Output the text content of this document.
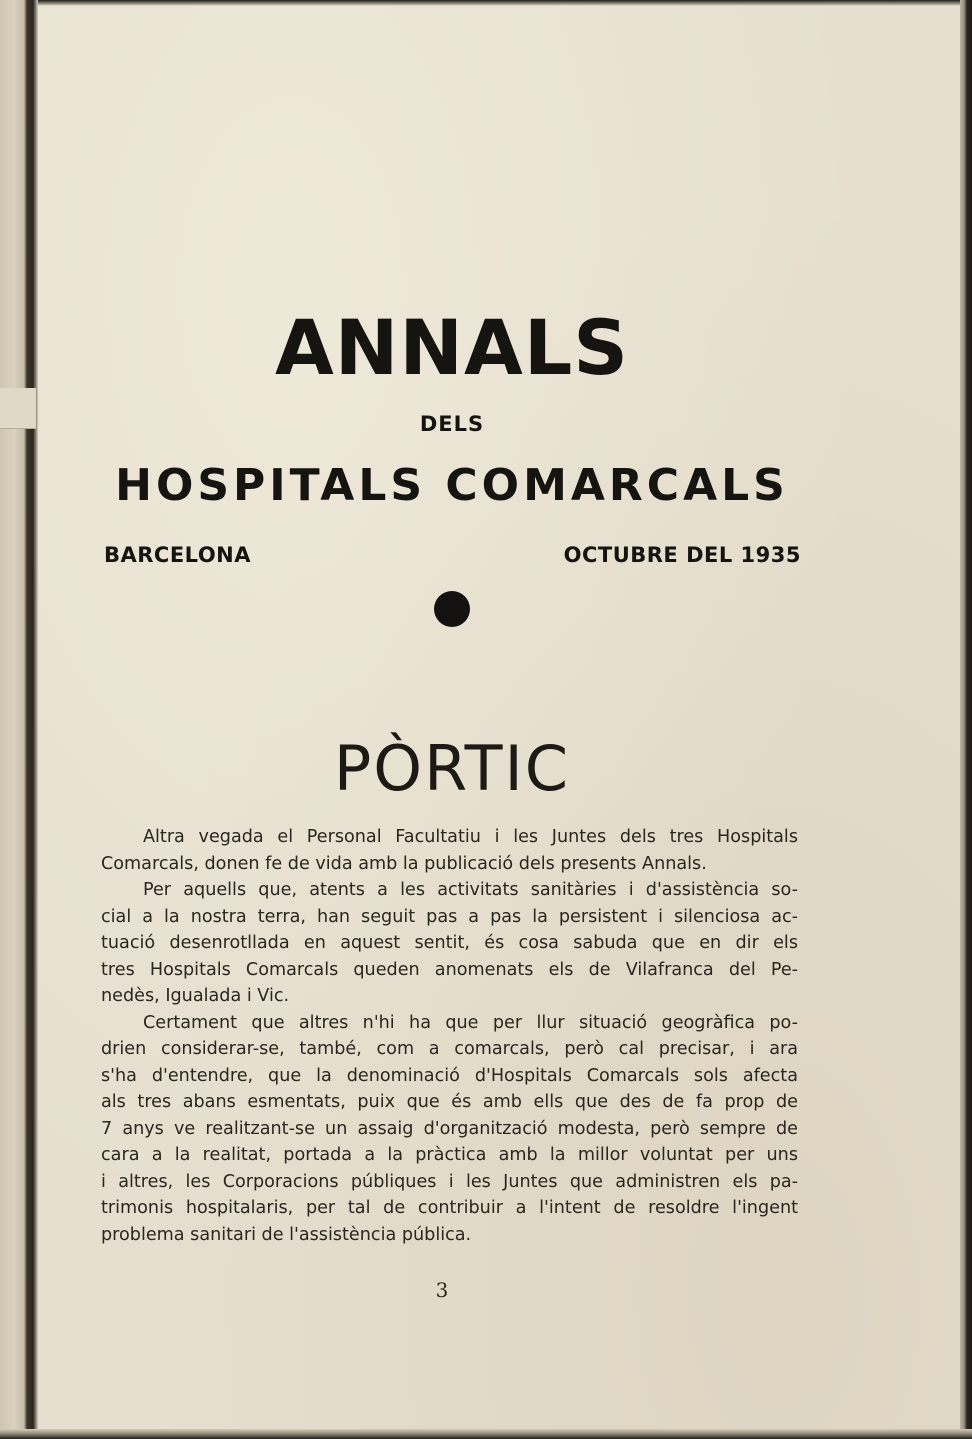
ANNALS
DELS
HOSPITALS COMARCALS
BARCELONA	OCTUBRE DEL 1935
PÒRTIC
Altra vegada el Personal Facultatiu i les Juntes dels tres Hospitals
Comarcals, donen fe de vida amb la publicació dels presents Annals.
Per aquells que, atents a les activitats sanitàries i d'assistència so-
cial a la nostra terra, han seguit pas a pas la persistent i silenciosa ac-
tuació desenrotllada en aquest sentit, és cosa sabuda que en dir els
tres Hospitals Comarcals queden anomenats els de Vilafranca del Pe-
nedès, Igualada i Vic.
Certament que altres n'hi ha que per llur situació geogràfica po-
drien considerar-se, també, com a comarcals, però cal precisar, i ara
s'ha d'entendre, que la denominació d'Hospitals Comarcals sols afecta
als tres abans esmentats, puix que és amb ells que des de fa prop de
7 anys ve realitzant-se un assaig d'organització modesta, però sempre de
cara a la realitat, portada a la pràctica amb la millor voluntat per uns
i altres, les Corporacions públiques i les Juntes que administren els pa-
trimonis hospitalaris, per tal de contribuir a l'intent de resoldre l'ingent
problema sanitari de l'assistència pública.
3
